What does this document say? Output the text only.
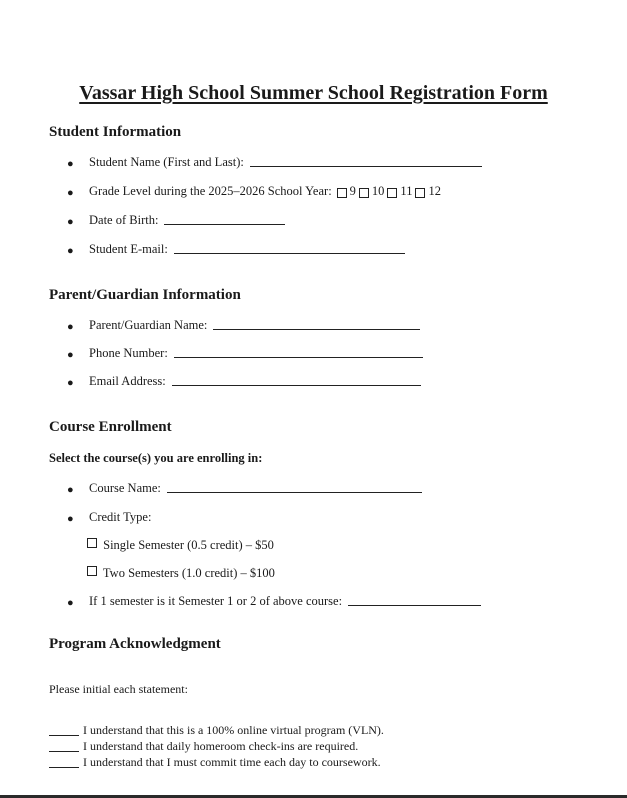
Vassar High School Summer School Registration Form
Student Information
●	Student Name (First and Last):
●	Grade Level during the 2025–2026 School Year: 9 10 11 12
●	Date of Birth:
●	Student E-mail:
Parent/Guardian Information
●	Parent/Guardian Name:
●	Phone Number:
●	Email Address:
Course Enrollment
Select the course(s) you are enrolling in:
●	Course Name:
●	Credit Type:
Single Semester (0.5 credit) – $50
Two Semesters (1.0 credit) – $100
●	If 1 semester is it Semester 1 or 2 of above course:
Program Acknowledgment
Please initial each statement:
I understand that this is a 100% online virtual program (VLN).
I understand that daily homeroom check-ins are required.
I understand that I must commit time each day to coursework.
